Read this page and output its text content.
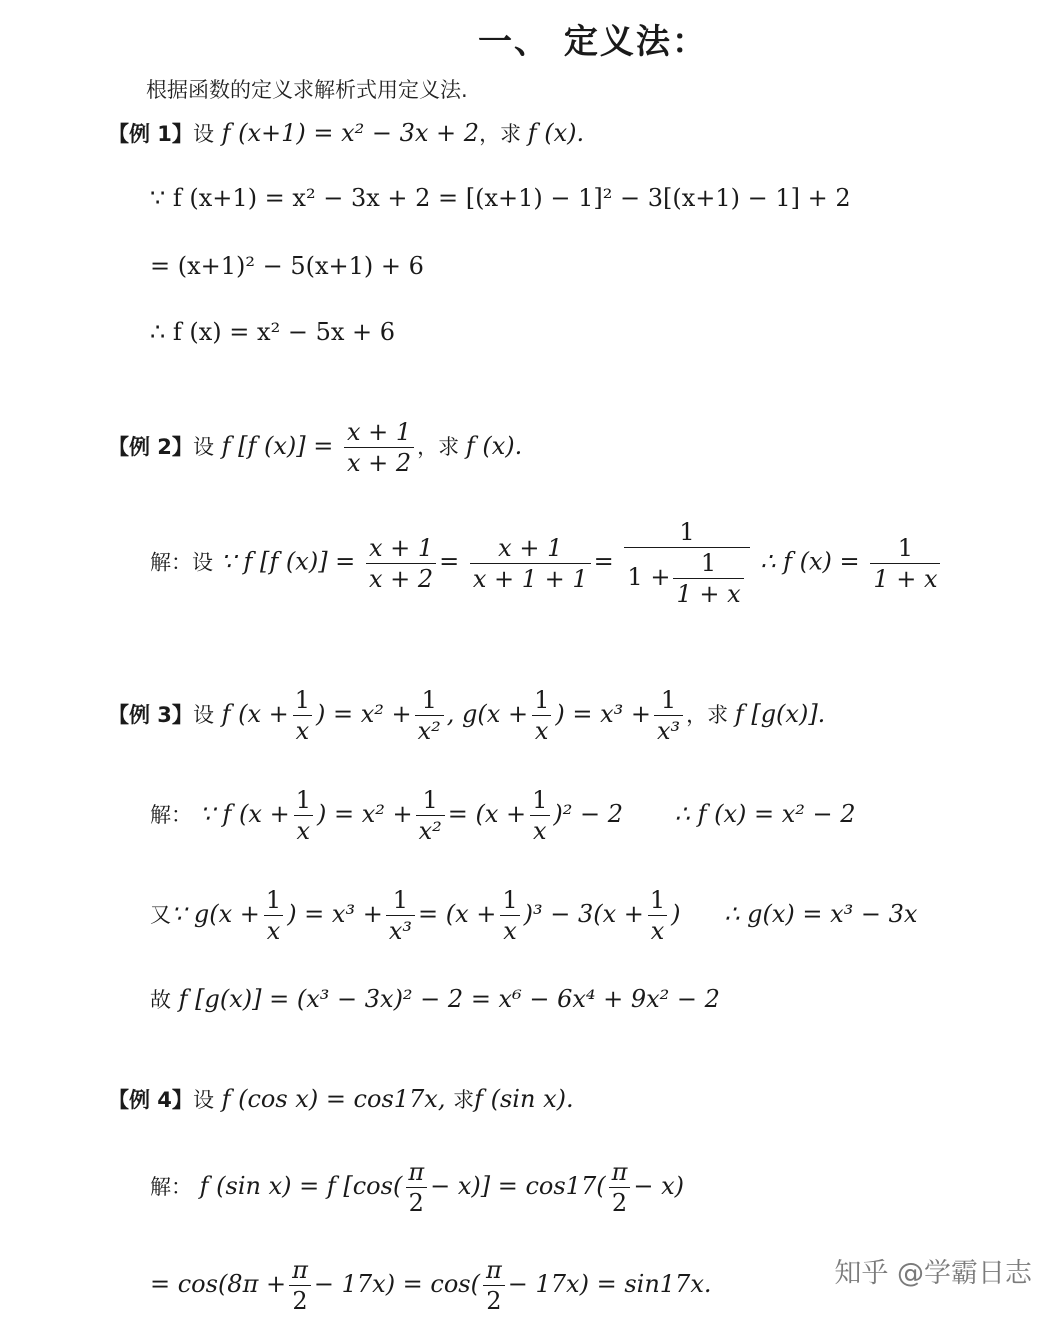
一、 定义法：
根据函数的定义求解析式用定义法.
【例 1】设 f (x+1) = x² − 3x + 2，求 f (x).
∵ f (x+1) = x² − 3x + 2 = [(x+1) − 1]² − 3[(x+1) − 1] + 2
= (x+1)² − 5(x+1) + 6
∴ f (x) = x² − 5x + 6
【例 2】设 f [f $(x)] = \frac{x + 1}{x + 2}$ ，求 f (x).
解：设 ∵ f [f $(x)] = \frac{x + 1}{x + 2} = \frac{x + 1}{x + 1 + 1} = \frac{1}{1 + \frac{1}{1 + x}}$ ∴ f $(x) = \frac{1}{1 + x}$
【例 3】设 f ($x + \frac{1}{x}$ ) = $x^2 + \frac{1}{\text{x²}}$ , $g(x + \frac{1}{x}$ ) = $x^3 + \frac{1}{\text{x³}}$ ，求 f [g(x)].
解： ∵ f ($x + \frac{1}{x}$ ) = $x^2 + \frac{1}{\text{x²}} = (x + \frac{1}{x} )^2 - 2$ ∴ f (x) = x² − 2
又∵ $g(x + \frac{1}{x}$ ) = $x^3 + \frac{1}{\text{x³}} = (x + \frac{1}{x} )^3 - 3(x + \frac{1}{x}$ ) ∴ g(x) = x³ − 3x
故 f [g(x)] = (x³ − 3x)² − 2 = x⁶ − 6x⁴ + 9x² − 2
【例 4】设 f (cos x) = cos17x, 求f (sin x).
解： f (sin x) = f $[\cos( \frac{\pi}{2} - x)] = \cos 17( \frac{\pi}{2} - x)$
= $\cos(8\pi + \frac{\pi}{2} - 17x) = \cos( \frac{\pi}{2} - 17x) = \sin 17x$.	知乎 @学霸日志
